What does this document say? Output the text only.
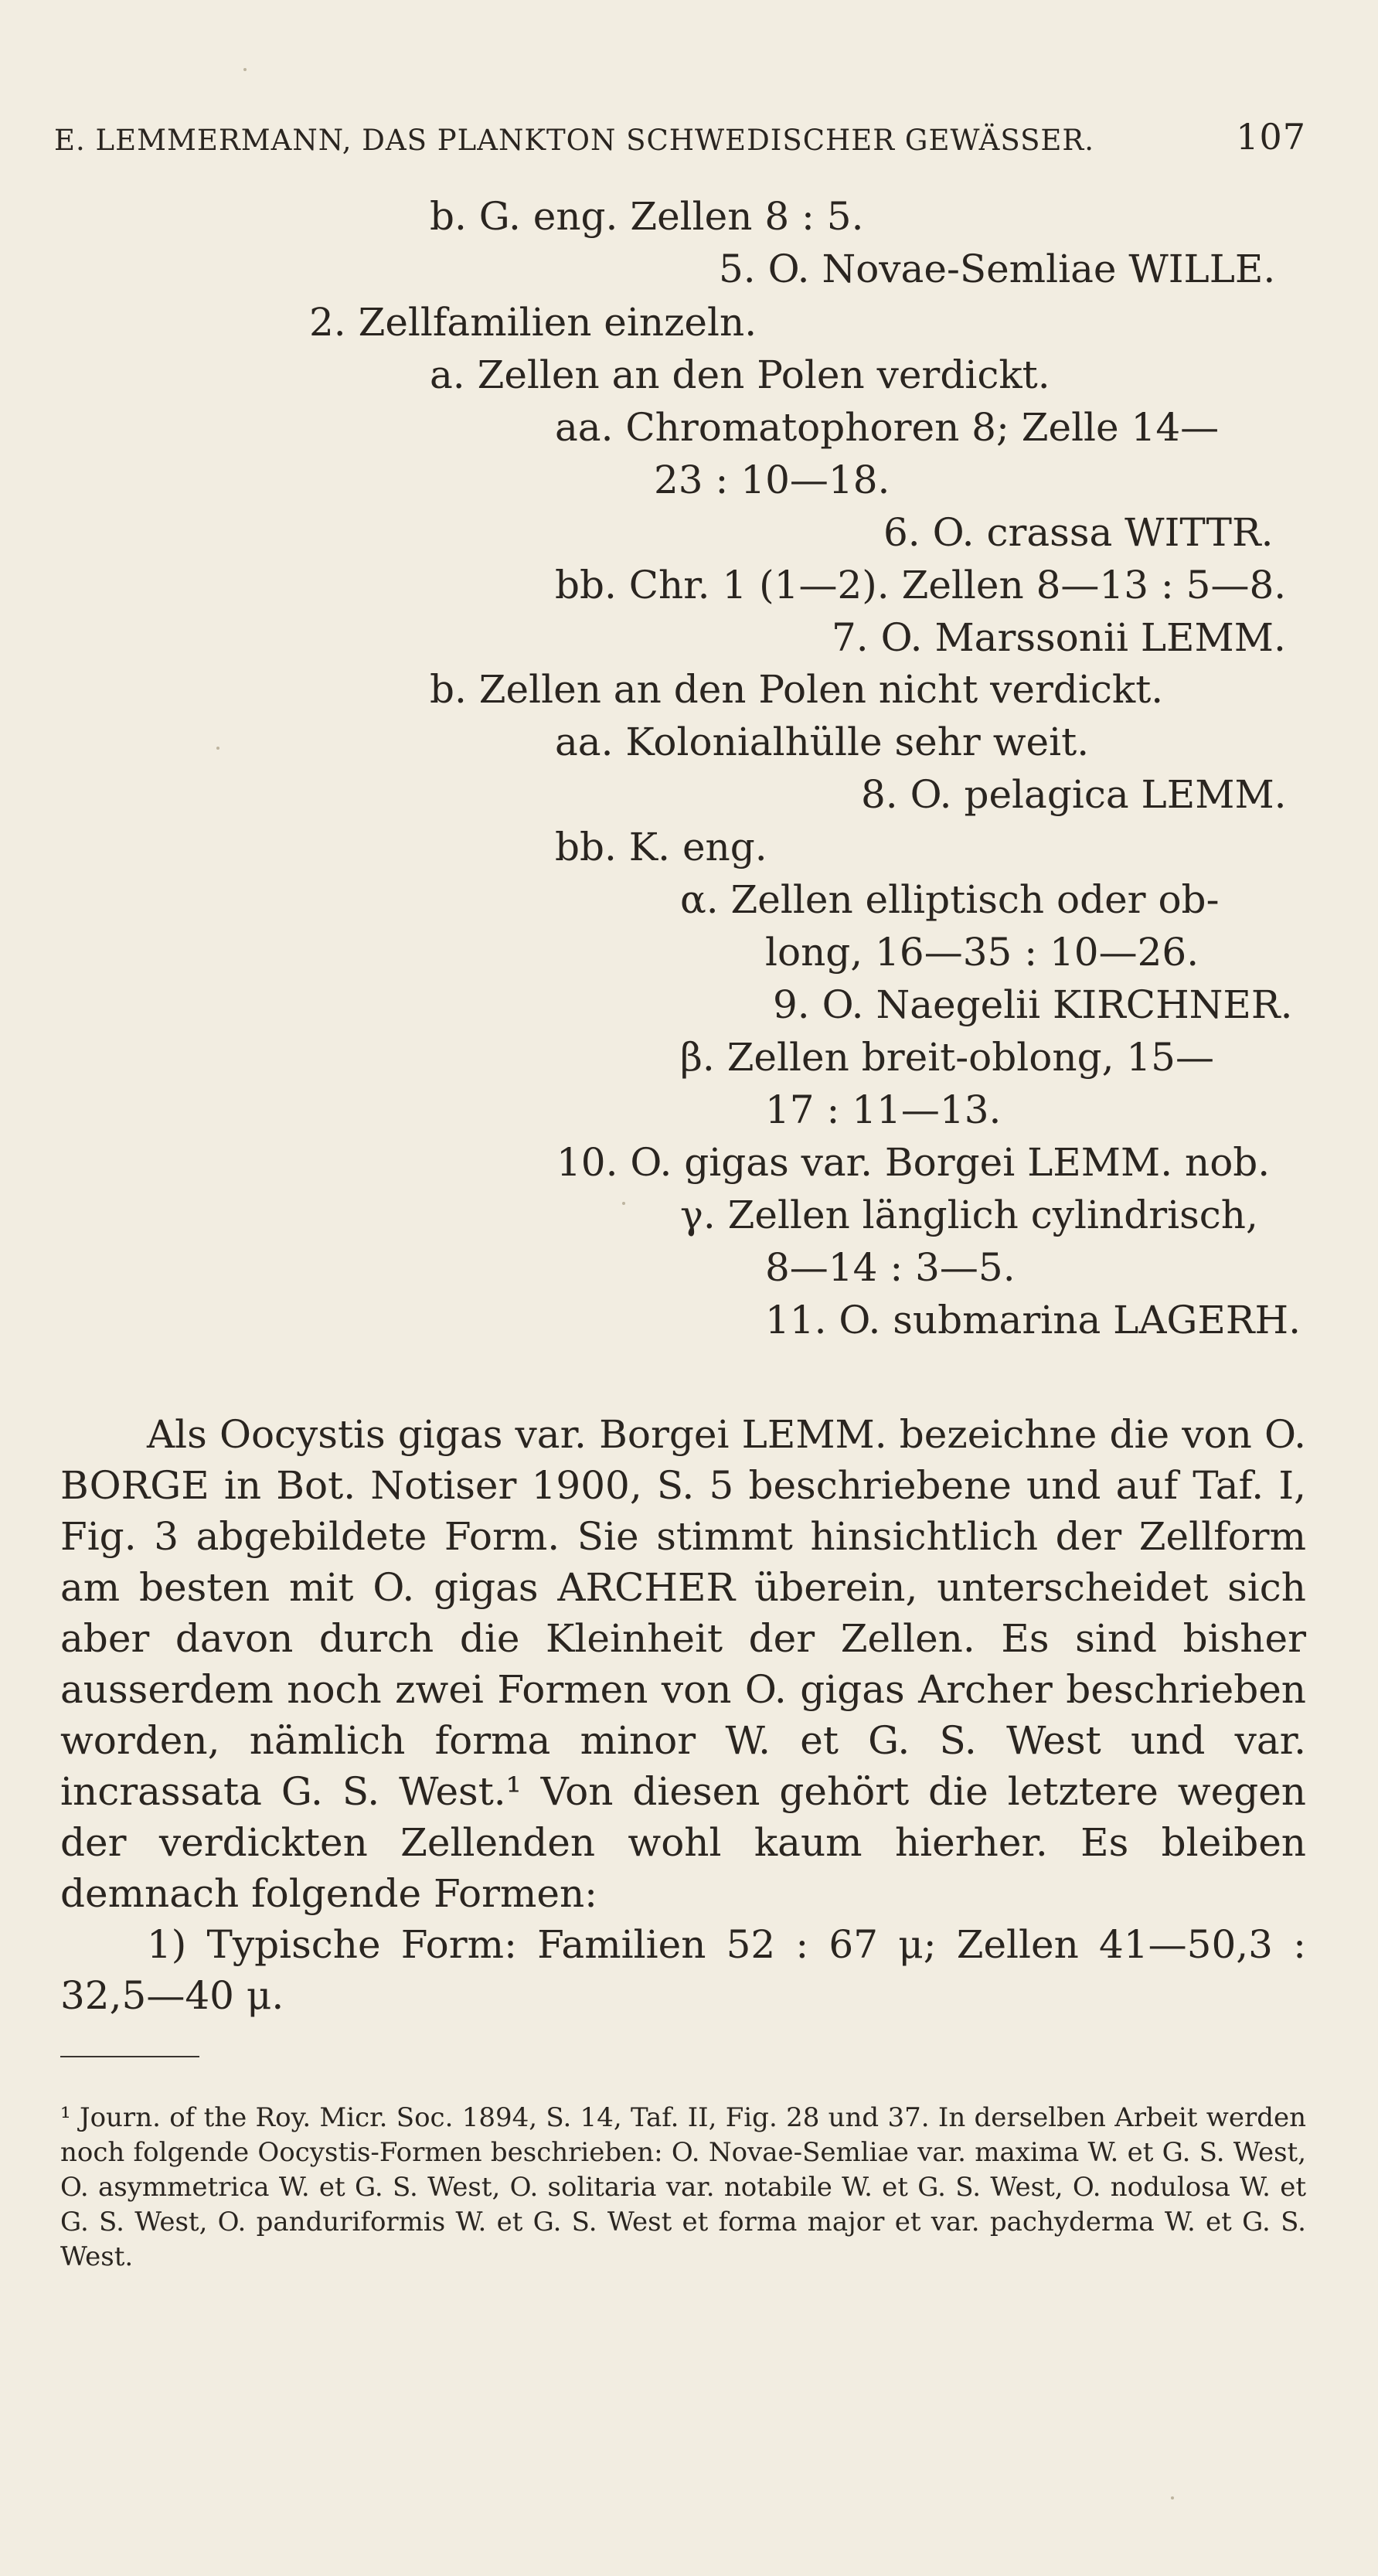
E. LEMMERMANN, DAS PLANKTON SCHWEDISCHER GEWÄSSER.	107
b. G. eng. Zellen 8 : 5.
5. O. Novae-Semliae WILLE.
2. Zellfamilien einzeln.
a. Zellen an den Polen verdickt.
aa. Chromatophoren 8; Zelle 14—
23 : 10—18.
6. O. crassa WITTR.
bb. Chr. 1 (1—2). Zellen 8—13 : 5—8.
7. O. Marssonii LEMM.
b. Zellen an den Polen nicht verdickt.
aa. Kolonialhülle sehr weit.
8. O. pelagica LEMM.
bb. K. eng.
α. Zellen elliptisch oder ob-
long, 16—35 : 10—26.
9. O. Naegelii KIRCHNER.
β. Zellen breit-oblong, 15—
17 : 11—13.
10. O. gigas var. Borgei LEMM. nob.
γ. Zellen länglich cylindrisch,
8—14 : 3—5.
11. O. submarina LAGERH.

Als Oocystis gigas var. Borgei LEMM. bezeichne die von O. BORGE in Bot. Notiser 1900, S. 5 beschriebene und auf Taf. I, Fig. 3 abgebildete Form. Sie stimmt hinsichtlich der Zellform am besten mit O. gigas ARCHER überein, unterscheidet sich aber davon durch die Kleinheit der Zellen. Es sind bisher ausserdem noch zwei Formen von O. gigas Archer beschrieben worden, nämlich forma minor W. et G. S. West und var. incrassata G. S. West.¹ Von diesen gehört die letztere wegen der verdickten Zellenden wohl kaum hierher. Es bleiben demnach folgende Formen:

1) Typische Form: Familien 52 : 67 μ; Zellen 41—50,3 : 32,5—40 μ.

¹ Journ. of the Roy. Micr. Soc. 1894, S. 14, Taf. II, Fig. 28 und 37. In derselben Arbeit werden noch folgende Oocystis-Formen beschrieben: O. Novae-Semliae var. maxima W. et G. S. West, O. asymmetrica W. et G. S. West, O. solitaria var. notabile W. et G. S. West, O. nodulosa W. et G. S. West, O. panduriformis W. et G. S. West et forma major et var. pachyderma W. et G. S. West.
